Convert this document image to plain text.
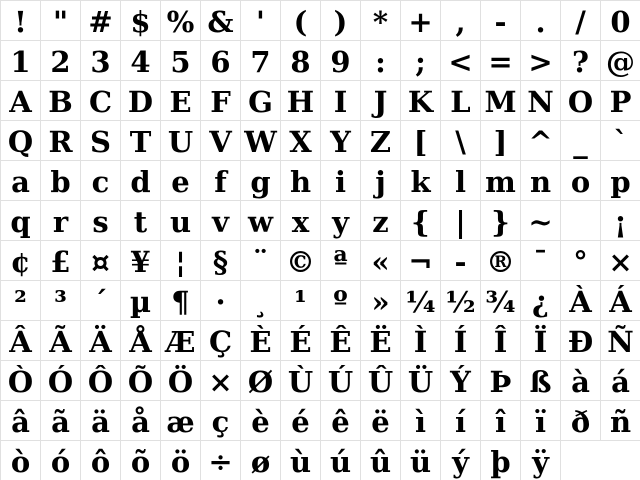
! " # $ % & ' ( ) * + , - .	/ 0
1 2 3 4 5 6 7 8 9 :	; < = > ? @
A B C D E F G H I J K L M N O P
Q R S T U V W X Y Z [ \ ] ^ _ `
a b c d e f g h i	j k l m n o p
q r s t u v w x y z { | } ~	¡
¢ £ ¤ ¥ ¦ § ¨ © ª « ¬ - ® ¯ ° ×
² ³ ´ µ ¶ · ¸ ¹ º » ¼ ½ ¾ ¿ À Á
Â Ã Ä Å Æ Ç È É Ê Ë Ì Í Î Ï Ð Ñ
Ò Ó Ô Õ Ö × Ø Ù Ú Û Ü Ý Þ ß à á
â ã ä å æ ç è é ê ë ì í î ï ð ñ
ò ó ô õ ö ÷ ø ù ú û ü ý þ ÿ
